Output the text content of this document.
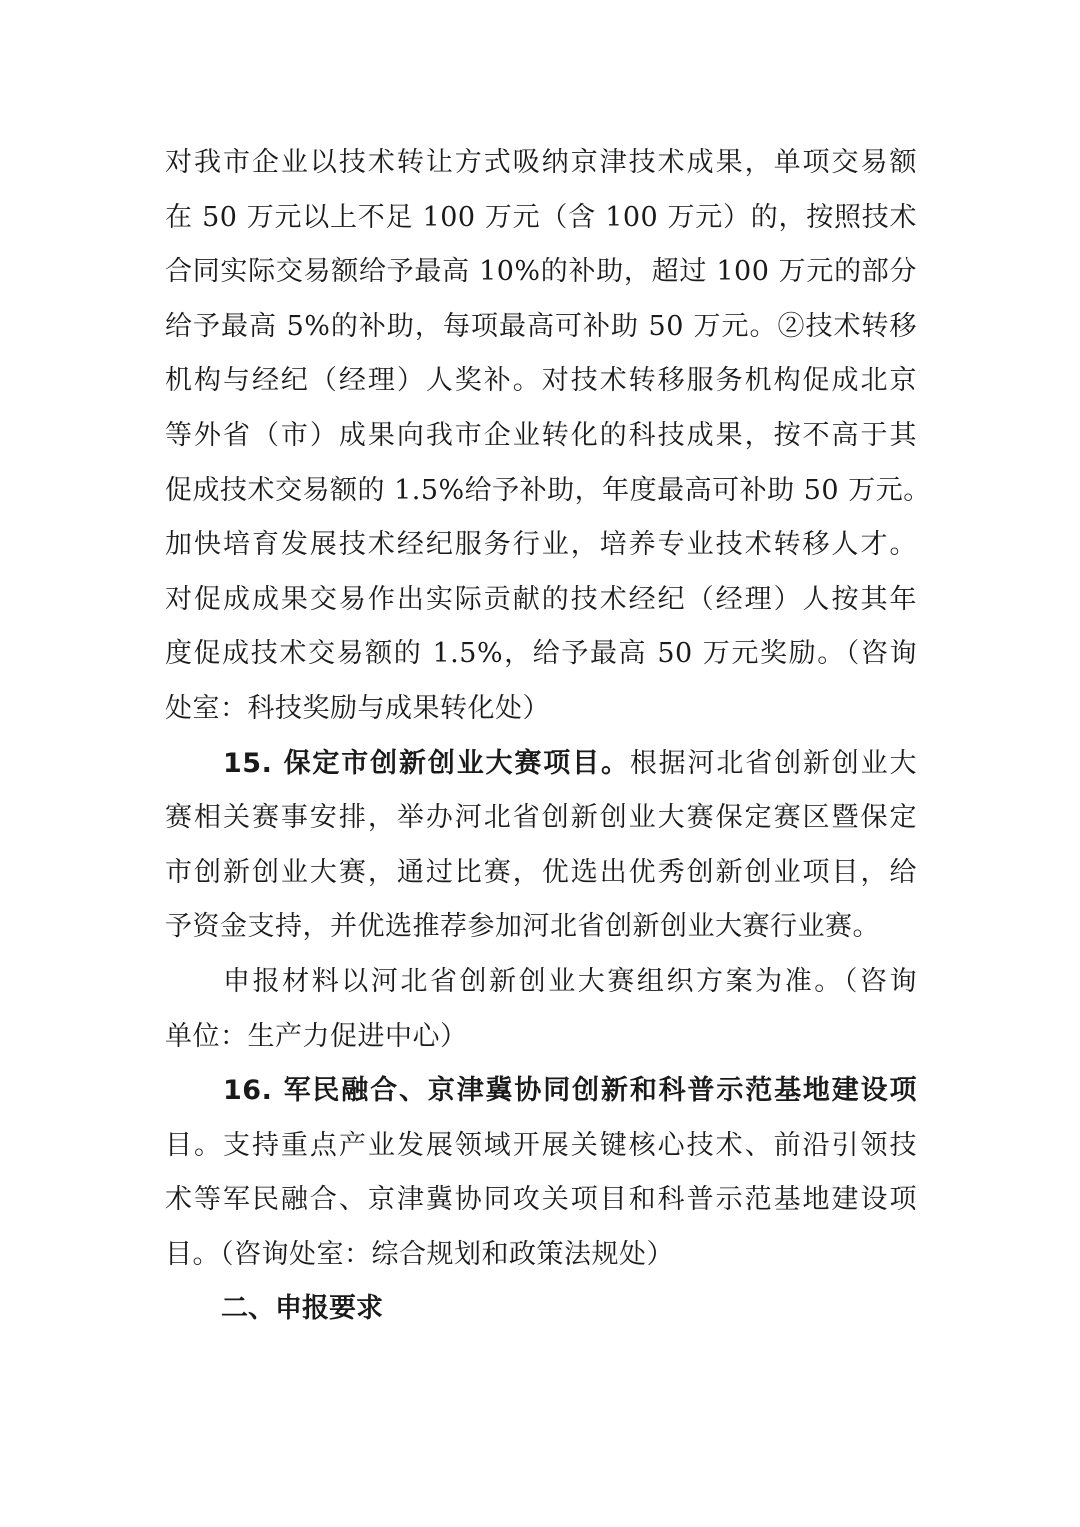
对我市企业以技术转让方式吸纳京津技术成果，单项交易额
在 50 万元以上不足 100 万元（含 100 万元）的，按照技术
合同实际交易额给予最高 10%的补助，超过 100 万元的部分
给予最高 5%的补助，每项最高可补助 50 万元。②技术转移
机构与经纪（经理）人奖补。对技术转移服务机构促成北京
等外省（市）成果向我市企业转化的科技成果，按不高于其
促成技术交易额的 1.5%给予补助，年度最高可补助 50 万元。
加快培育发展技术经纪服务行业，培养专业技术转移人才。
对促成成果交易作出实际贡献的技术经纪（经理）人按其年
度促成技术交易额的 1.5%，给予最高 50 万元奖励。（咨询
处室：科技奖励与成果转化处）
15. 保定市创新创业大赛项目。根据河北省创新创业大
赛相关赛事安排，举办河北省创新创业大赛保定赛区暨保定
市创新创业大赛，通过比赛，优选出优秀创新创业项目，给
予资金支持，并优选推荐参加河北省创新创业大赛行业赛。
申报材料以河北省创新创业大赛组织方案为准。（咨询
单位：生产力促进中心）
16. 军民融合、京津冀协同创新和科普示范基地建设项
目。支持重点产业发展领域开展关键核心技术、前沿引领技
术等军民融合、京津冀协同攻关项目和科普示范基地建设项
目。（咨询处室：综合规划和政策法规处）
二、申报要求
